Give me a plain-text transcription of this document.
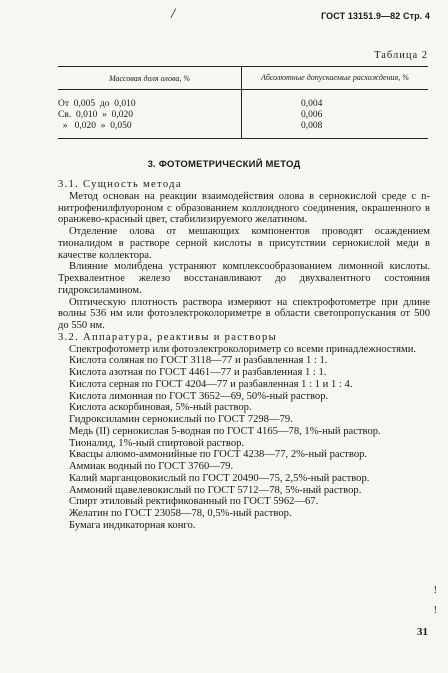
/	ГОСТ 13151.9—82 Стр. 4
Таблица 2
Массовая доля олова, %	Абсолютные допускаемые расхождения, %
От  0,005  до  0,010
Св.  0,010  »  0,020
»   0,020  »  0,050
0,004
0,006
0,008
3. ФОТОМЕТРИЧЕСКИЙ МЕТОД

3.1. Сущность метода

Метод основан на реакции взаимодействия олова в сернокислой среде с n-нитрофенилфлуороном с образованием коллоидного соединения, окрашенного в оранжево-красный цвет, стабилизируемого желатином.

Отделение олова от мешающих компонентов проводят осаждением тионалидом в растворе серной кислоты в присутствии сернокислой меди в качестве коллектора.

Влияние молибдена устраняют комплексообразованием лимонной кислоты. Трехвалентное железо восстанавливают до двухвалентного состояния гидроксиламином.

Оптическую плотность раствора измеряют на спектрофотометре при длине волны 536 нм или фотоэлектроколориметре в области светопропускания от 500 до 550 нм.

3.2. Аппаратура, реактивы и растворы

Спектрофотометр или фотоэлектроколориметр со всеми принадлежностями.

Кислота соляная по ГОСТ 3118—77 и разбавленная 1 : 1.

Кислота азотная по ГОСТ 4461—77 и разбавленная 1 : 1.

Кислота серная по ГОСТ 4204—77 и разбавленная 1 : 1 и 1 : 4.

Кислота лимонная по ГОСТ 3652—69, 50%-ный раствор.

Кислота аскорбиновая, 5%-ный раствор.

Гидроксиламин сернокислый по ГОСТ 7298—79.

Медь (II) сернокислая 5-водная по ГОСТ 4165—78, 1%-ный раствор.

Тионалид, 1%-ный спиртовой раствор.

Квасцы алюмо-аммонийные по ГОСТ 4238—77, 2%-ный раствор.

Аммиак водный по ГОСТ 3760—79.

Калий марганцовокислый по ГОСТ 20490—75, 2,5%-ный раствор.

Аммоний щавелевокислый по ГОСТ 5712—78, 5%-ный раствор.

Спирт этиловый ректификованный по ГОСТ 5962—67.

Желатин по ГОСТ 23058—78, 0,5%-ный раствор.

Бумага индикаторная конго.

!
!
31
